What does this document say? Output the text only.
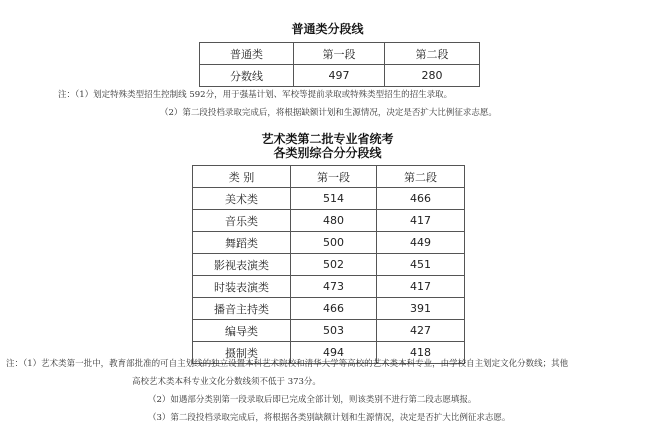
普通类分段线
普通类	第一段	第二段
分数线	497	280
注：（1）划定特殊类型招生控制线 592分，用于强基计划、军校等提前录取或特殊类型招生的招生录取。
（2）第二段投档录取完成后，将根据缺额计划和生源情况，决定是否扩大比例征求志愿。
艺术类第二批专业省统考
各类别综合分分段线
类 别	第一段	第二段
美术类	514	466
音乐类	480	417
舞蹈类	500	449
影视表演类	502	451
时装表演类	473	417
播音主持类	466	391
编导类	503	427
摄制类	494	418
注：（1）艺术类第一批中，教育部批准的可自主划线的独立设置本科艺术院校和清华大学等高校的艺术类本科专业，由学校自主划定文化分数线；其他
高校艺术类本科专业文化分数线须不低于 373分。
（2）如遇部分类别第一段录取后即已完成全部计划，则该类别不进行第二段志愿填报。
（3）第二段投档录取完成后，将根据各类别缺额计划和生源情况，决定是否扩大比例征求志愿。
